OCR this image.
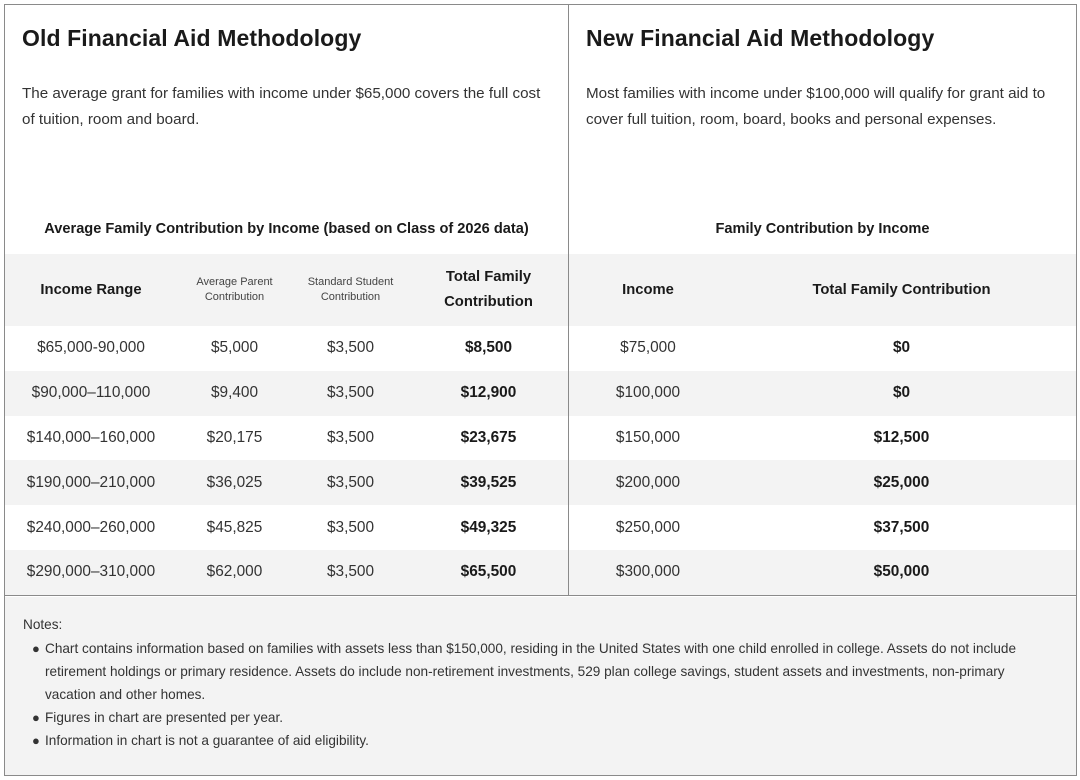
Old Financial Aid Methodology

The average grant for families with income under $65,000 covers the full cost of tuition, room and board.

Average Family Contribution by Income (based on Class of 2026 data)
Income Range	Average Parent Contribution	Standard Student Contribution	Total Family Contribution
$65,000-90,000	$5,000	$3,500	$8,500
$90,000–110,000	$9,400	$3,500	$12,900
$140,000–160,000	$20,175	$3,500	$23,675
$190,000–210,000	$36,025	$3,500	$39,525
$240,000–260,000	$45,825	$3,500	$49,325
$290,000–310,000	$62,000	$3,500	$65,500
New Financial Aid Methodology

Most families with income under $100,000 will qualify for grant aid to cover full tuition, room, board, books and personal expenses.

Family Contribution by Income
Income	Total Family Contribution
$75,000	$0
$100,000	$0
$150,000	$12,500
$200,000	$25,000
$250,000	$37,500
$300,000	$50,000
Notes:
● Chart contains information based on families with assets less than $150,000, residing in the United States with one child enrolled in college. Assets do not include retirement holdings or primary residence. Assets do include non-retirement investments, 529 plan college savings, student assets and investments, non-primary vacation and other homes.
● Figures in chart are presented per year.
● Information in chart is not a guarantee of aid eligibility.
